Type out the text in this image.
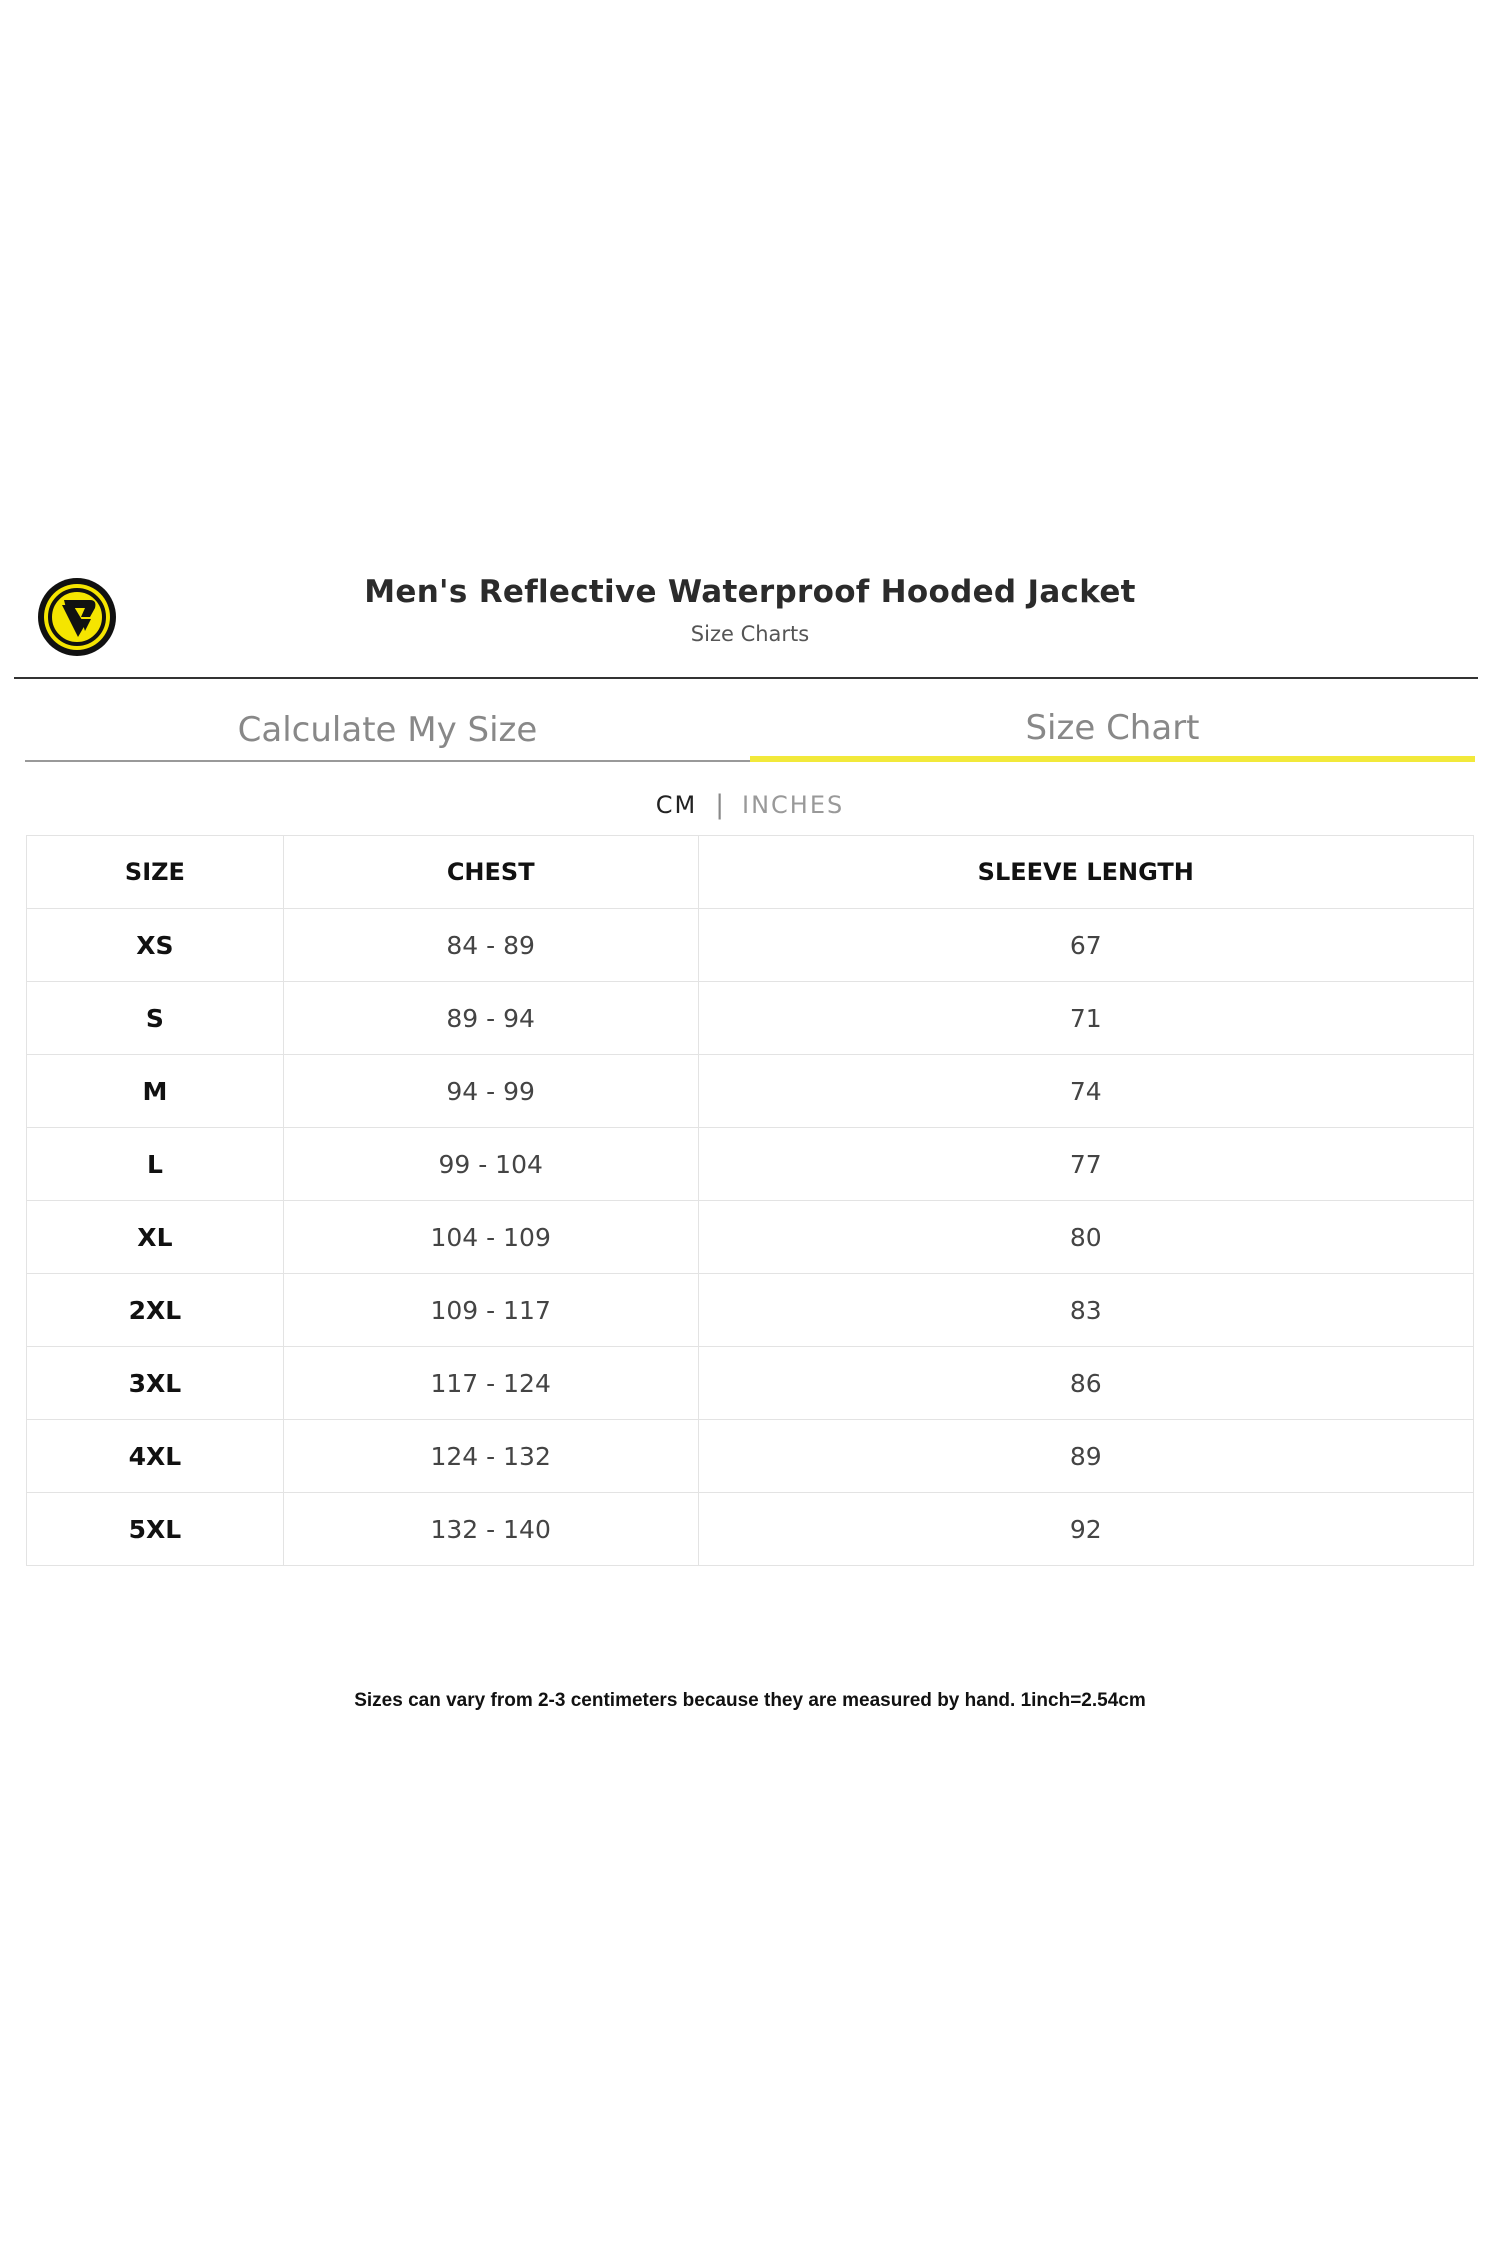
Men's Reflective Waterproof Hooded Jacket
Size Charts
Calculate My Size	Size Chart
CM | INCHES
SIZE	CHEST	SLEEVE LENGTH
XS	84 - 89	67
S	89 - 94	71
M	94 - 99	74
L	99 - 104	77
XL	104 - 109	80
2XL	109 - 117	83
3XL	117 - 124	86
4XL	124 - 132	89
5XL	132 - 140	92
Sizes can vary from 2-3 centimeters because they are measured by hand. 1inch=2.54cm
